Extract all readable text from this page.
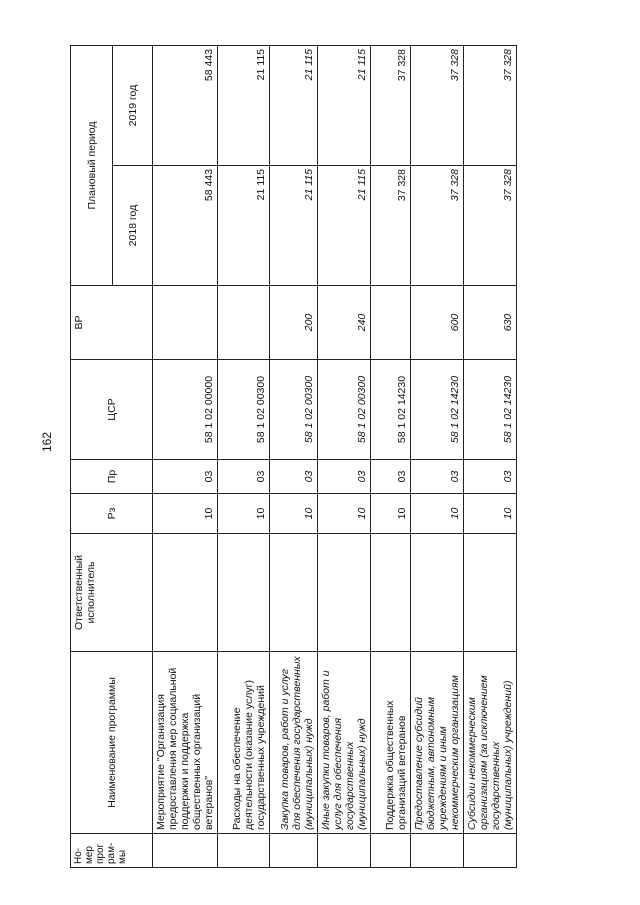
162
Но-
мер
прог
рам-
мы	Наименование программы	Ответственный исполнитель	Рз	Пр	ЦСР	ВР	Плановый период	
							2018 год	2019 год
	Мероприятие "Организация предоставления мер социальной поддержки и поддержка общественных организаций ветеранов"		10	03	58 1 02 00000		58 443	58 443
	Расходы на обеспечение деятельности (оказание услуг) государственных учреждений		10	03	58 1 02 00300		21 115	21 115
	Закупка товаров, работ и услуг для обеспечения государственных (муниципальных) нужд		10	03	58 1 02 00300	200	21 115	21 115
	Иные закупки товаров, работ и услуг для обеспечения государственных (муниципальных) нужд		10	03	58 1 02 00300	240	21 115	21 115
	Поддержка общественных организаций ветеранов		10	03	58 1 02 14230		37 328	37 328
	Предоставление субсидий бюджетным, автономным учреждениям и иным некоммерческим организациям		10	03	58 1 02 14230	600	37 328	37 328
	Субсидии некоммерческим организациям (за исключением государственных (муниципальных) учреждений)		10	03	58 1 02 14230	630	37 328	37 328
